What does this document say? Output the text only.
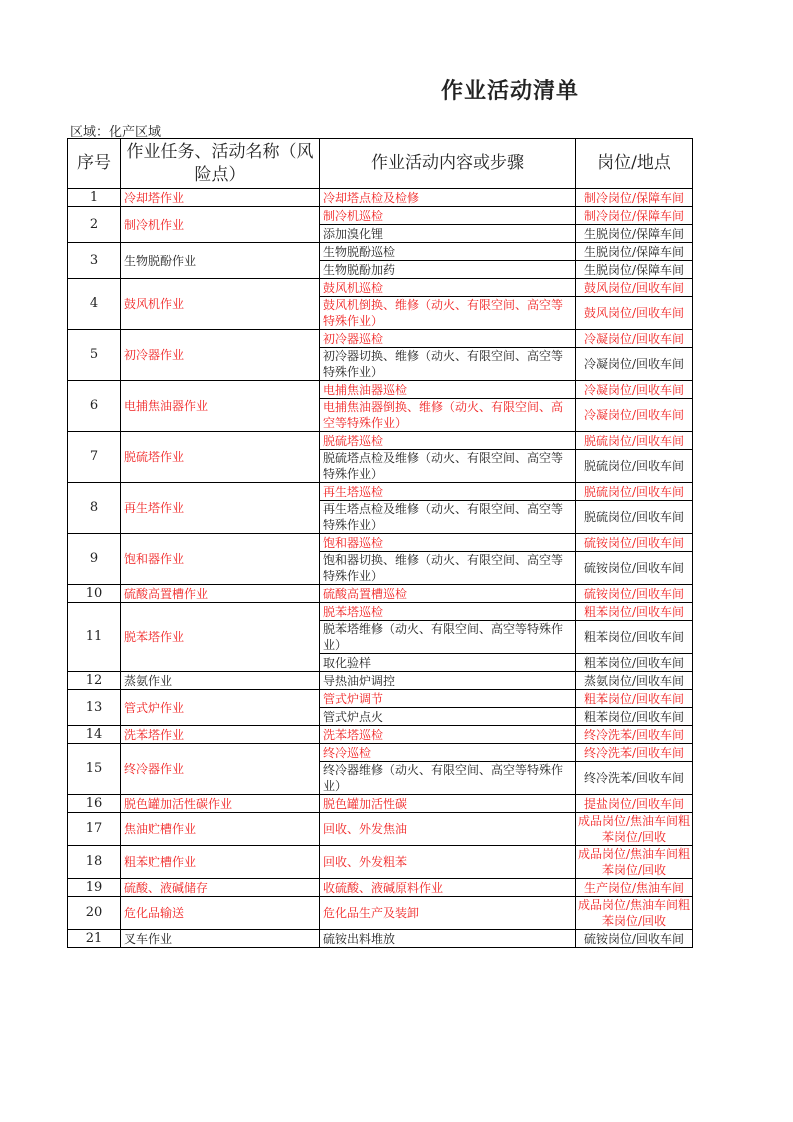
作业活动清单
区域：化产区域
序号	作业任务、活动名称（风险点）	作业活动内容或步骤	岗位/地点
1	冷却塔作业	冷却塔点检及检修	制冷岗位/保障车间
2	制冷机作业	制冷机巡检	制冷岗位/保障车间
		添加溴化锂	生脱岗位/保障车间
3	生物脱酚作业	生物脱酚巡检	生脱岗位/保障车间
		生物脱酚加药	生脱岗位/保障车间
4	鼓风机作业	鼓风机巡检	鼓风岗位/回收车间
		鼓风机倒换、维修（动火、有限空间、高空等特殊作业）	鼓风岗位/回收车间
5	初冷器作业	初冷器巡检	冷凝岗位/回收车间
		初冷器切换、维修（动火、有限空间、高空等特殊作业）	冷凝岗位/回收车间
6	电捕焦油器作业	电捕焦油器巡检	冷凝岗位/回收车间
		电捕焦油器倒换、维修（动火、有限空间、高空等特殊作业）	冷凝岗位/回收车间
7	脱硫塔作业	脱硫塔巡检	脱硫岗位/回收车间
		脱硫塔点检及维修（动火、有限空间、高空等特殊作业）	脱硫岗位/回收车间
8	再生塔作业	再生塔巡检	脱硫岗位/回收车间
		再生塔点检及维修（动火、有限空间、高空等特殊作业）	脱硫岗位/回收车间
9	饱和器作业	饱和器巡检	硫铵岗位/回收车间
		饱和器切换、维修（动火、有限空间、高空等特殊作业）	硫铵岗位/回收车间
10	硫酸高置槽作业	硫酸高置槽巡检	硫铵岗位/回收车间
11	脱苯塔作业	脱苯塔巡检	粗苯岗位/回收车间
		脱苯塔维修（动火、有限空间、高空等特殊作业）	粗苯岗位/回收车间
		取化验样	粗苯岗位/回收车间
12	蒸氨作业	导热油炉调控	蒸氨岗位/回收车间
13	管式炉作业	管式炉调节	粗苯岗位/回收车间
		管式炉点火	粗苯岗位/回收车间
14	洗苯塔作业	洗苯塔巡检	终冷洗苯/回收车间
15	终冷器作业	终冷巡检	终冷洗苯/回收车间
		终冷器维修（动火、有限空间、高空等特殊作业）	终冷洗苯/回收车间
16	脱色罐加活性碳作业	脱色罐加活性碳	提盐岗位/回收车间
17	焦油贮槽作业	回收、外发焦油	成品岗位/焦油车间粗苯岗位/回收
18	粗苯贮槽作业	回收、外发粗苯	成品岗位/焦油车间粗苯岗位/回收
19	硫酸、液碱储存	收硫酸、液碱原料作业	生产岗位/焦油车间
20	危化品输送	危化品生产及装卸	成品岗位/焦油车间粗苯岗位/回收
21	叉车作业	硫铵出料堆放	硫铵岗位/回收车间
